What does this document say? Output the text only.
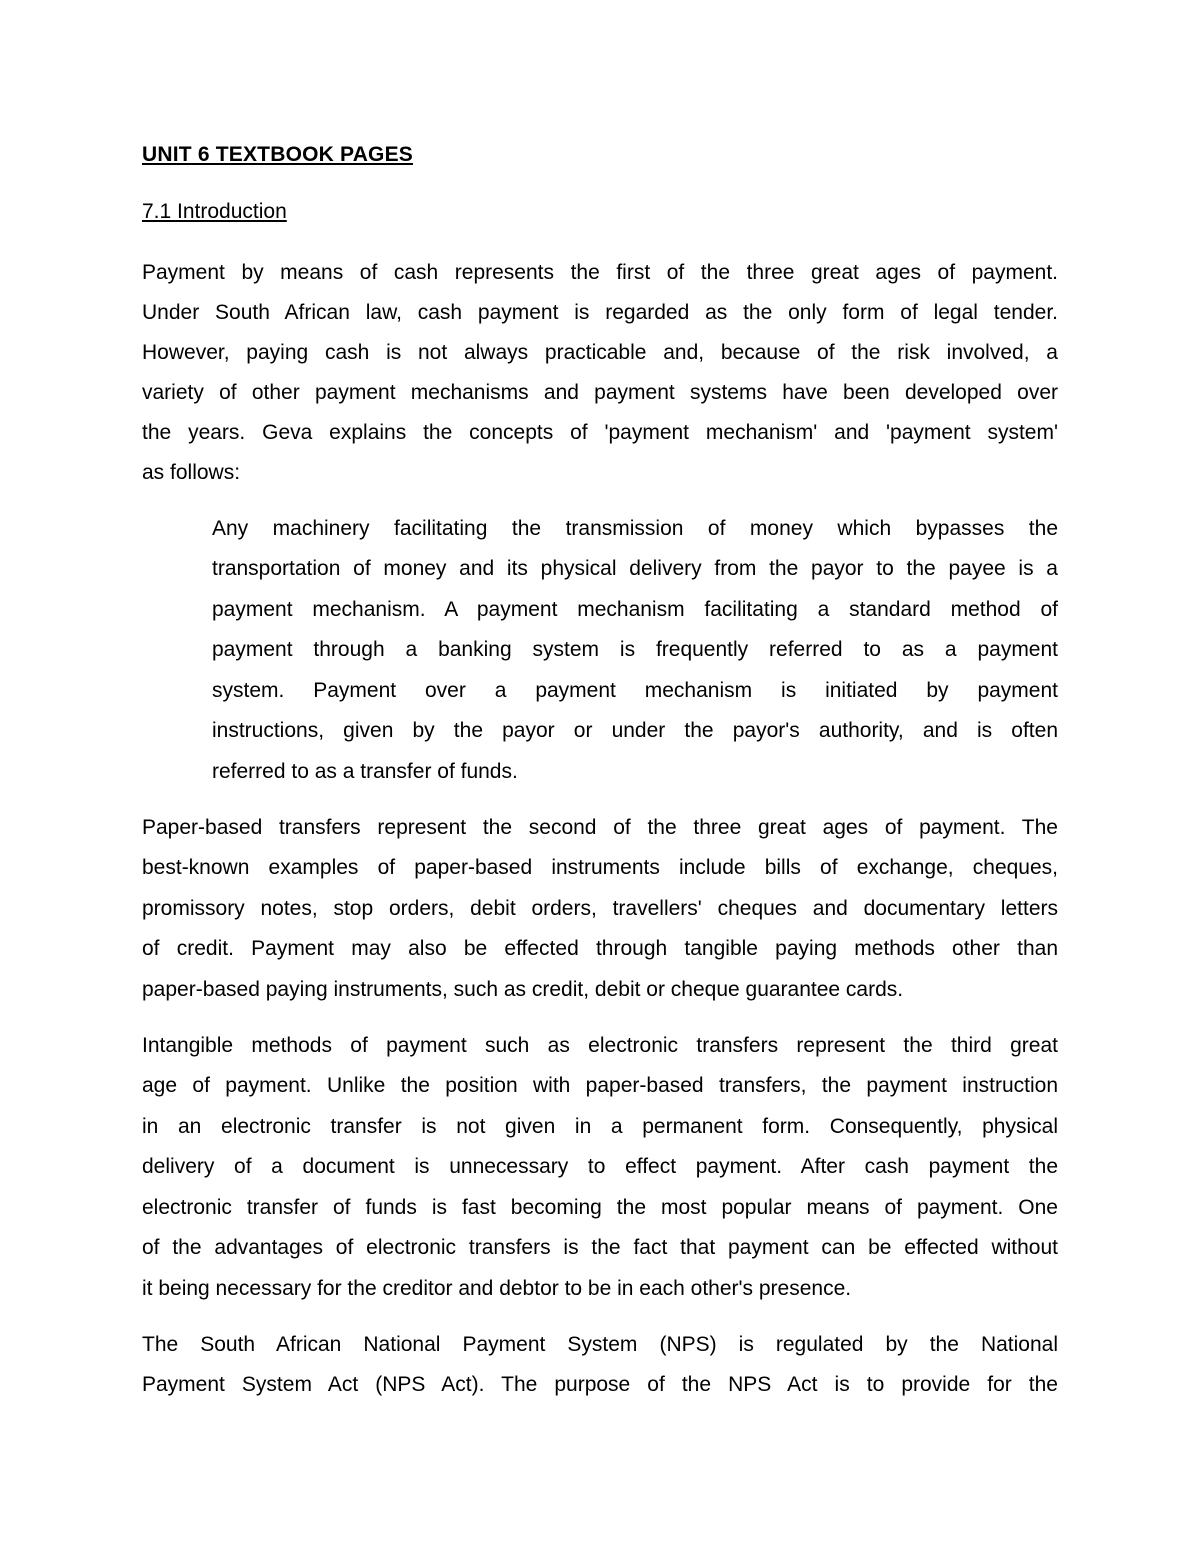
UNIT 6 TEXTBOOK PAGES
7.1 Introduction
Payment by means of cash represents the first of the three great ages of payment.
Under South African law, cash payment is regarded as the only form of legal tender.
However, paying cash is not always practicable and, because of the risk involved, a
variety of other payment mechanisms and payment systems have been developed over
the years. Geva explains the concepts of 'payment mechanism' and 'payment system'
as follows:
Any machinery facilitating the transmission of money which bypasses the
transportation of money and its physical delivery from the payor to the payee is a
payment mechanism. A payment mechanism facilitating a standard method of
payment through a banking system is frequently referred to as a payment
system. Payment over a payment mechanism is initiated by payment
instructions, given by the payor or under the payor's authority, and is often
referred to as a transfer of funds.
Paper-based transfers represent the second of the three great ages of payment. The
best-known examples of paper-based instruments include bills of exchange, cheques,
promissory notes, stop orders, debit orders, travellers' cheques and documentary letters
of credit. Payment may also be effected through tangible paying methods other than
paper-based paying instruments, such as credit, debit or cheque guarantee cards.
Intangible methods of payment such as electronic transfers represent the third great
age of payment. Unlike the position with paper-based transfers, the payment instruction
in an electronic transfer is not given in a permanent form. Consequently, physical
delivery of a document is unnecessary to effect payment. After cash payment the
electronic transfer of funds is fast becoming the most popular means of payment. One
of the advantages of electronic transfers is the fact that payment can be effected without
it being necessary for the creditor and debtor to be in each other's presence.
The South African National Payment System (NPS) is regulated by the National
Payment System Act (NPS Act). The purpose of the NPS Act is to provide for the
